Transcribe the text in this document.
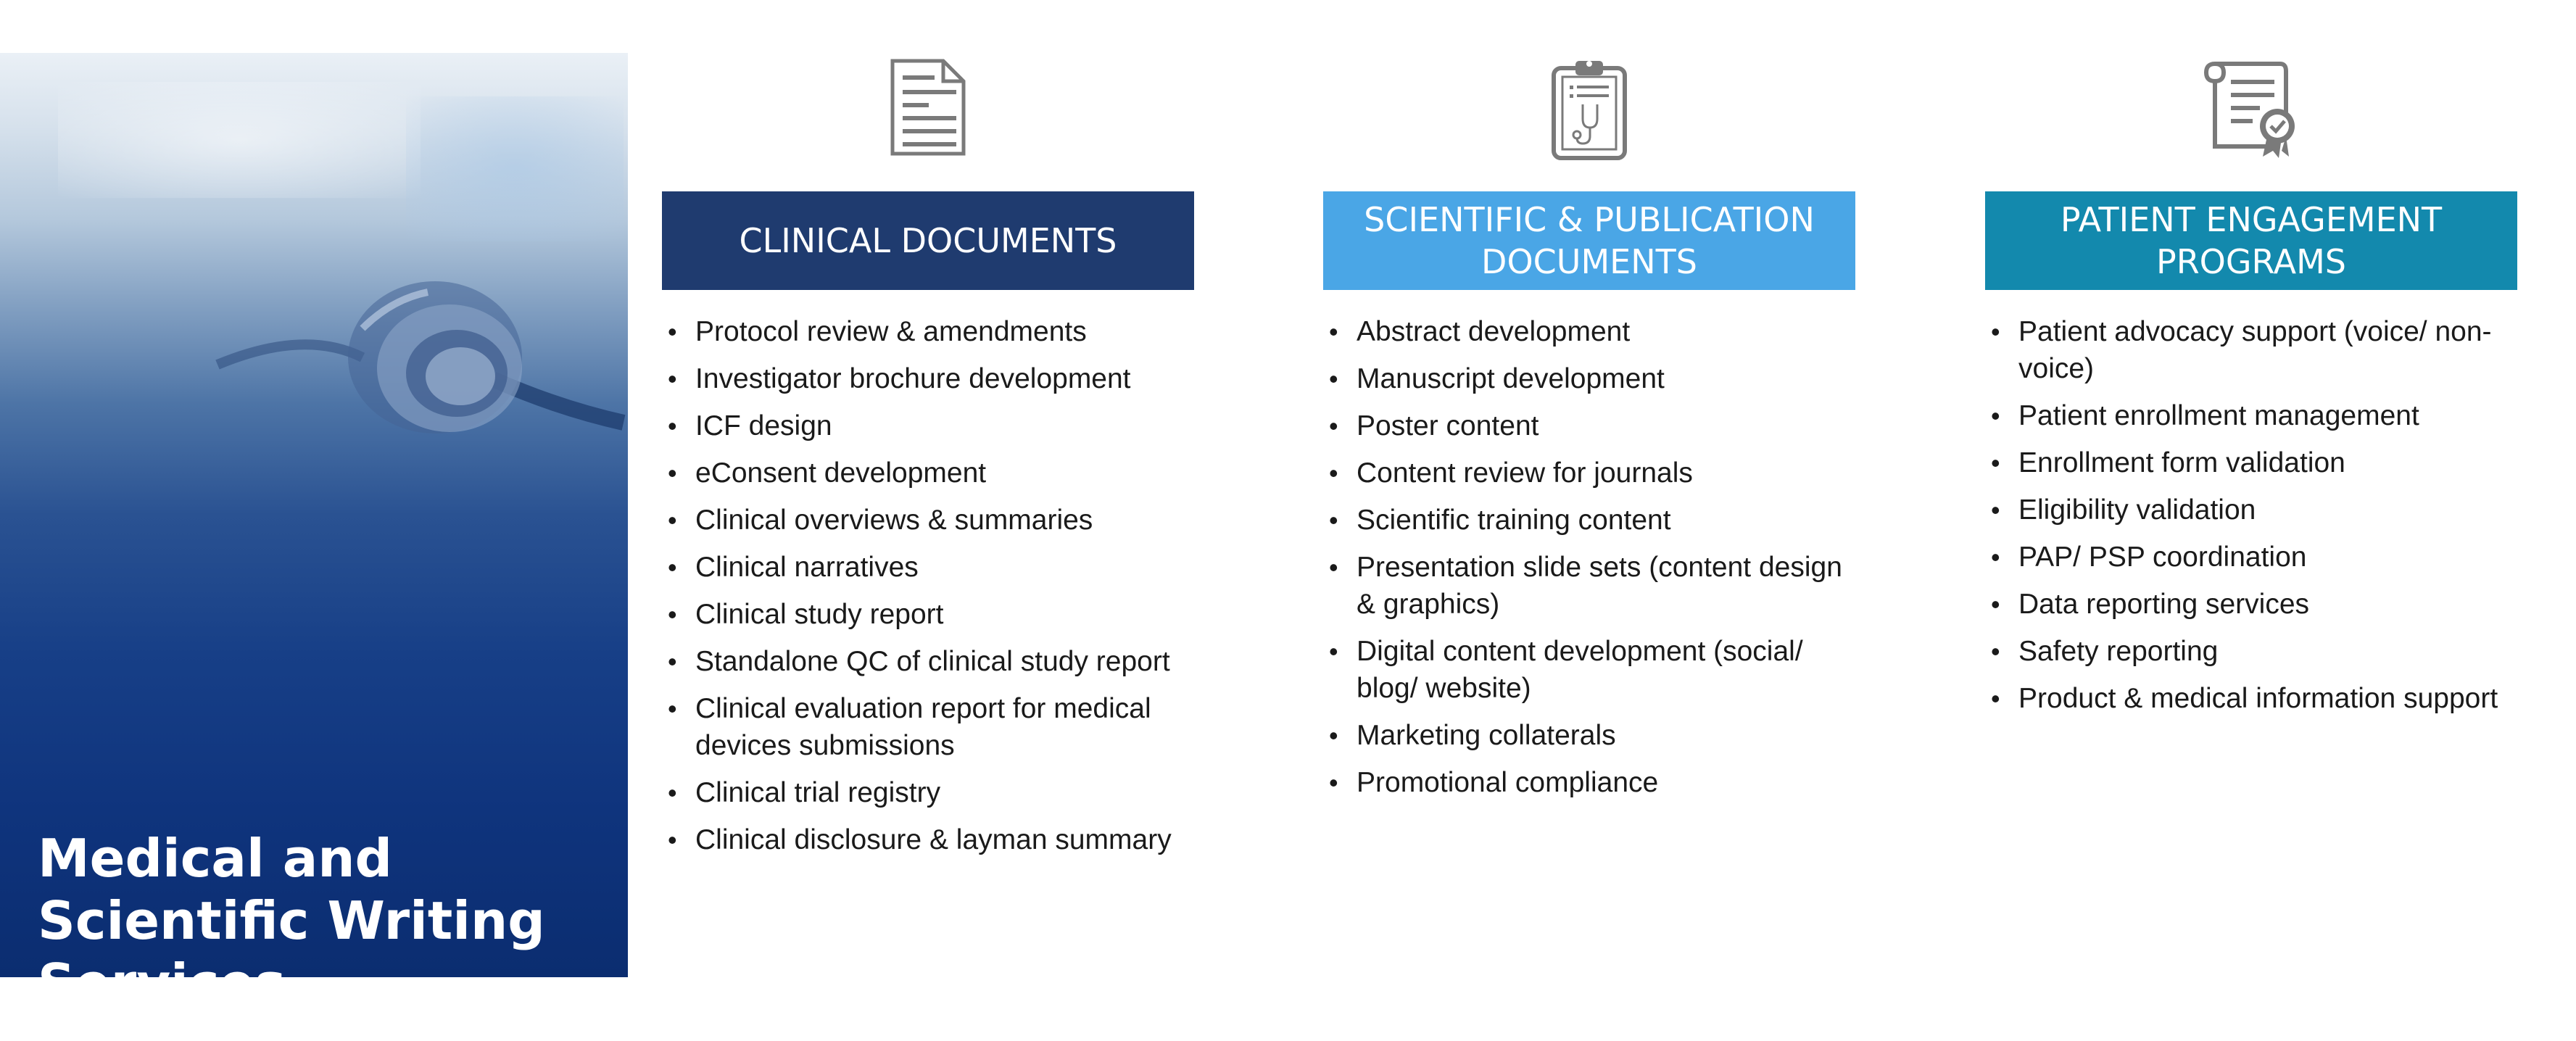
Medical and Scientific Writing Services
CLINICAL DOCUMENTS
• Protocol review & amendments
• Investigator brochure development
• ICF design
• eConsent development
• Clinical overviews & summaries
• Clinical narratives
• Clinical study report
• Standalone QC of clinical study report
• Clinical evaluation report for medical devices submissions
• Clinical trial registry
• Clinical disclosure & layman summary
SCIENTIFIC & PUBLICATION DOCUMENTS
• Abstract development
• Manuscript development
• Poster content
• Content review for journals
• Scientific training content
• Presentation slide sets (content design & graphics)
• Digital content development (social/ blog/ website)
• Marketing collaterals
• Promotional compliance
PATIENT ENGAGEMENT PROGRAMS
• Patient advocacy support (voice/ non-voice)
• Patient enrollment management
• Enrollment form validation
• Eligibility validation
• PAP/ PSP coordination
• Data reporting services
• Safety reporting
• Product & medical information support
